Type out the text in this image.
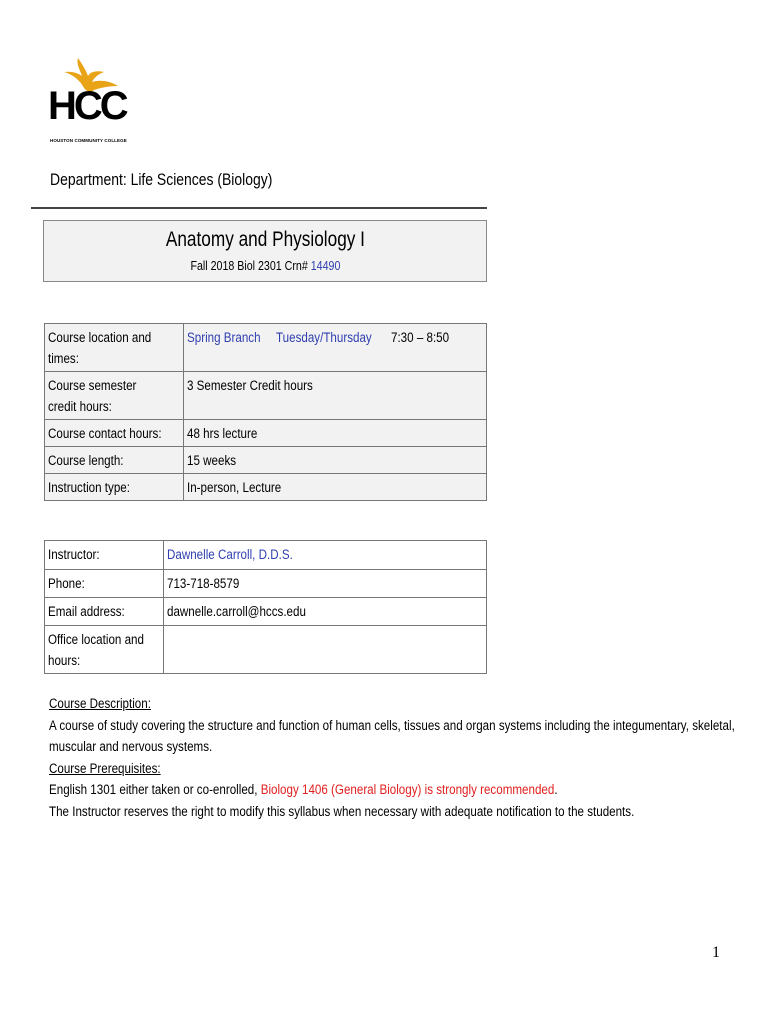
HCC
HOUSTON COMMUNITY COLLEGE
Department: Life Sciences (Biology)
Anatomy and Physiology I
Fall 2018 Biol 2301 Crn# 14490
Course location and times:	Spring Branch Tuesday/Thursday 7:30 – 8:50
Course semester credit hours:	3 Semester Credit hours
Course contact hours:	48 hrs lecture
Course length:	15 weeks
Instruction type:	In-person, Lecture
Instructor:	Dawnelle Carroll, D.D.S.
Phone:	713-718-8579
Email address:	dawnelle.carroll@hccs.edu
Office location and hours:	
Course Description:
A course of study covering the structure and function of human cells, tissues and organ systems including the integumentary, skeletal,
muscular and nervous systems.
Course Prerequisites:
English 1301 either taken or co-enrolled, Biology 1406 (General Biology) is strongly recommended.
The Instructor reserves the right to modify this syllabus when necessary with adequate notification to the students.
1
